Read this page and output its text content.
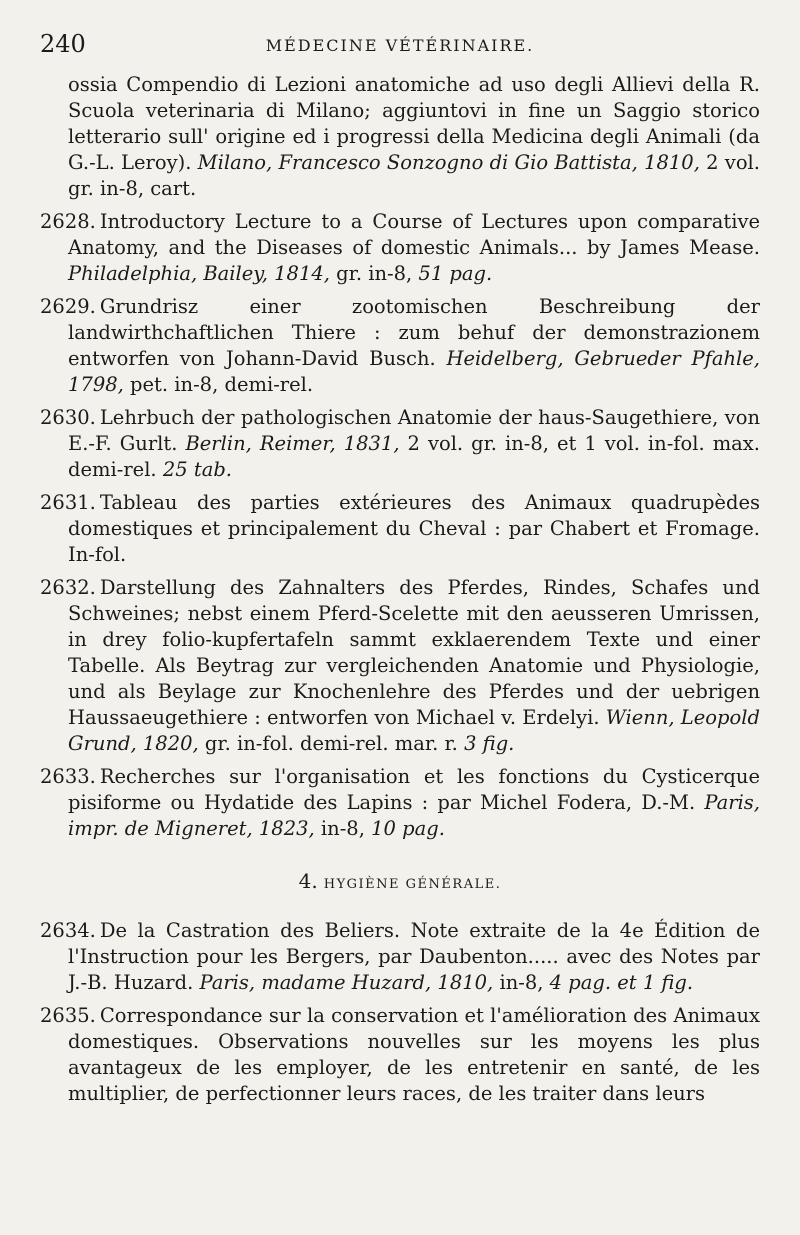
240	MÉDECINE VÉTÉRINAIRE.

ossia Compendio di Lezioni anatomiche ad uso degli Allievi della R. Scuola veterinaria di Milano; aggiuntovi in fine un Saggio storico letterario sull' origine ed i progressi della Medicina degli Animali (da G.-L. Leroy). Milano, Francesco Sonzogno di Gio Battista, 1810, 2 vol. gr. in-8, cart.

2628. Introductory Lecture to a Course of Lectures upon comparative Anatomy, and the Diseases of domestic Animals... by James Mease. Philadelphia, Bailey, 1814, gr. in-8, 51 pag.

2629. Grundrisz einer zootomischen Beschreibung der landwirthchaftlichen Thiere : zum behuf der demonstrazionem entworfen von Johann-David Busch. Heidelberg, Gebrueder Pfahle, 1798, pet. in-8, demi-rel.

2630. Lehrbuch der pathologischen Anatomie der haus-Saugethiere, von E.-F. Gurlt. Berlin, Reimer, 1831, 2 vol. gr. in-8, et 1 vol. in-fol. max. demi-rel. 25 tab.

2631. Tableau des parties extérieures des Animaux quadrupèdes domestiques et principalement du Cheval : par Chabert et Fromage. In-fol.

2632. Darstellung des Zahnalters des Pferdes, Rindes, Schafes und Schweines; nebst einem Pferd-Scelette mit den aeusseren Umrissen, in drey folio-kupfertafeln sammt exklaerendem Texte und einer Tabelle. Als Beytrag zur vergleichenden Anatomie und Physiologie, und als Beylage zur Knochenlehre des Pferdes und der uebrigen Haussaeugethiere : entworfen von Michael v. Erdelyi. Wienn, Leopold Grund, 1820, gr. in-fol. demi-rel. mar. r. 3 fig.

2633. Recherches sur l'organisation et les fonctions du Cysticerque pisiforme ou Hydatide des Lapins : par Michel Fodera, D.-M. Paris, impr. de Migneret, 1823, in-8, 10 pag.

4. HYGIÈNE GÉNÉRALE.

2634. De la Castration des Beliers. Note extraite de la 4e Édition de l'Instruction pour les Bergers, par Daubenton..... avec des Notes par J.-B. Huzard. Paris, madame Huzard, 1810, in-8, 4 pag. et 1 fig.

2635. Correspondance sur la conservation et l'amélioration des Animaux domestiques. Observations nouvelles sur les moyens les plus avantageux de les employer, de les entretenir en santé, de les multiplier, de perfectionner leurs races, de les traiter dans leurs
